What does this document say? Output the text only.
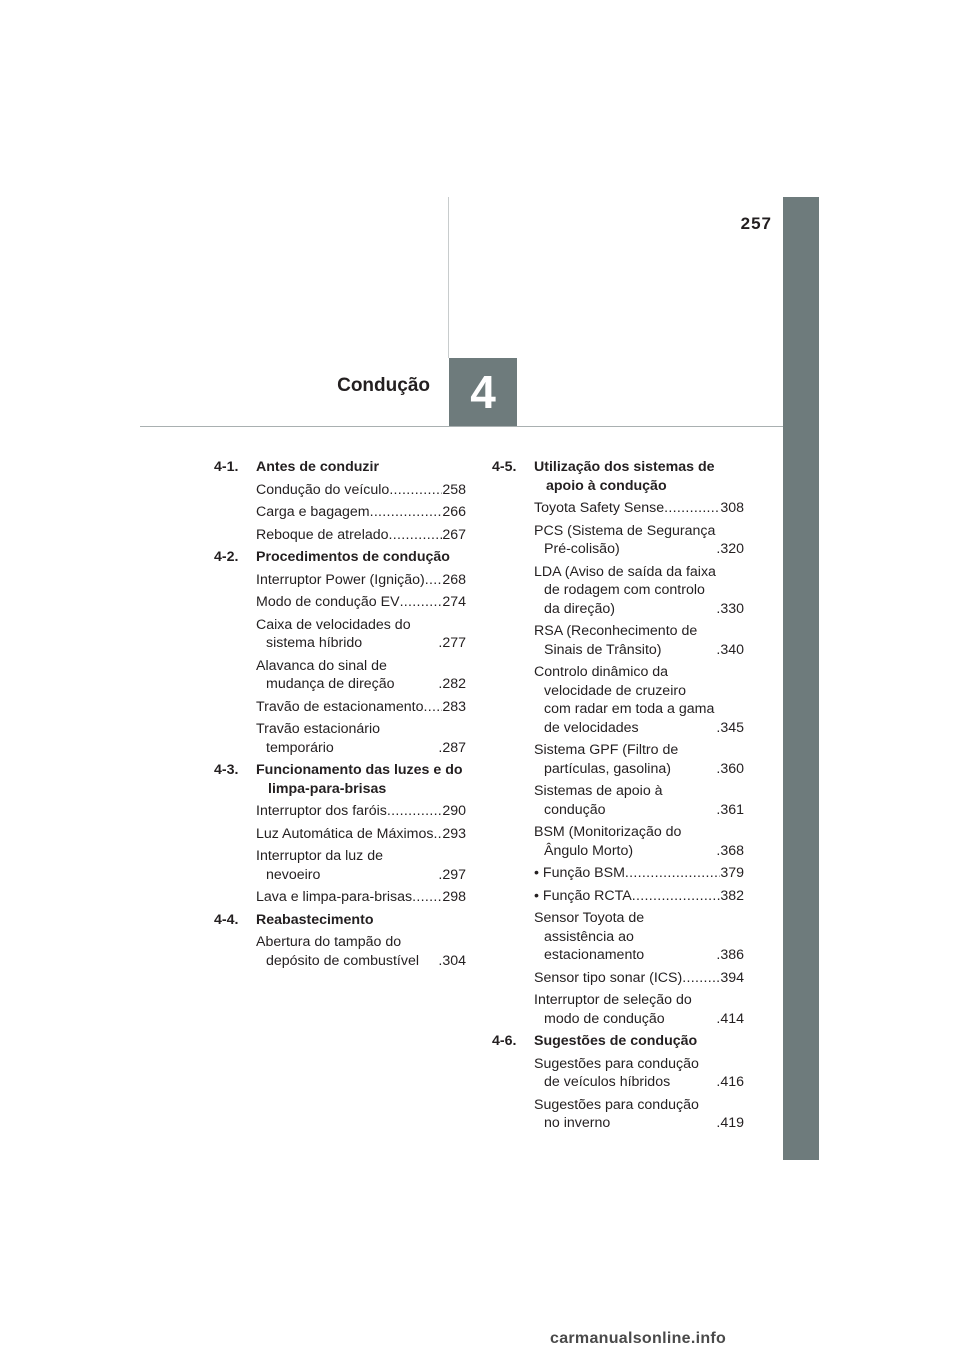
257
4
Condução
4-1.	Antes de conduzir
Condução do veículo .....	258
Carga e bagagem .....	266
Reboque de atrelado .....	267
4-2.	Procedimentos de condução
Interruptor Power (Ignição) ..... 268
Modo de condução EV .....	274
Caixa de velocidades do sistema híbrido .....	277
Alavanca do sinal de mudança de direção .....	282
Travão de estacionamento ..... 283
Travão estacionário temporário .....	287
4-3.	Funcionamento das luzes e do limpa-para-brisas
Interruptor dos faróis .....	290
Luz Automática de Máximos ..... 293
Interruptor da luz de nevoeiro .....	297
Lava e limpa-para-brisas ..... 298
4-4.	Reabastecimento
Abertura do tampão do depósito de combustível .....	304
4-5.	Utilização dos sistemas de apoio à condução
Toyota Safety Sense .....	308
PCS (Sistema de Segurança Pré-colisão) .....	320
LDA (Aviso de saída da faixa de rodagem com controlo da direção) .....	330
RSA (Reconhecimento de Sinais de Trânsito) .....	340
Controlo dinâmico da velocidade de cruzeiro com radar em toda a gama de velocidades .....	345
Sistema GPF (Filtro de partículas, gasolina) .....	360
Sistemas de apoio à condução .....	361
BSM (Monitorização do Ângulo Morto) .....	368
• Função BSM .....	379
• Função RCTA .....	382
Sensor Toyota de assistência ao estacionamento .....	386
Sensor tipo sonar (ICS) .....	394
Interruptor de seleção do modo de condução .....	414
4-6.	Sugestões de condução
Sugestões para condução de veículos híbridos .....	416
Sugestões para condução no inverno .....	419
carmanualsonline.info
